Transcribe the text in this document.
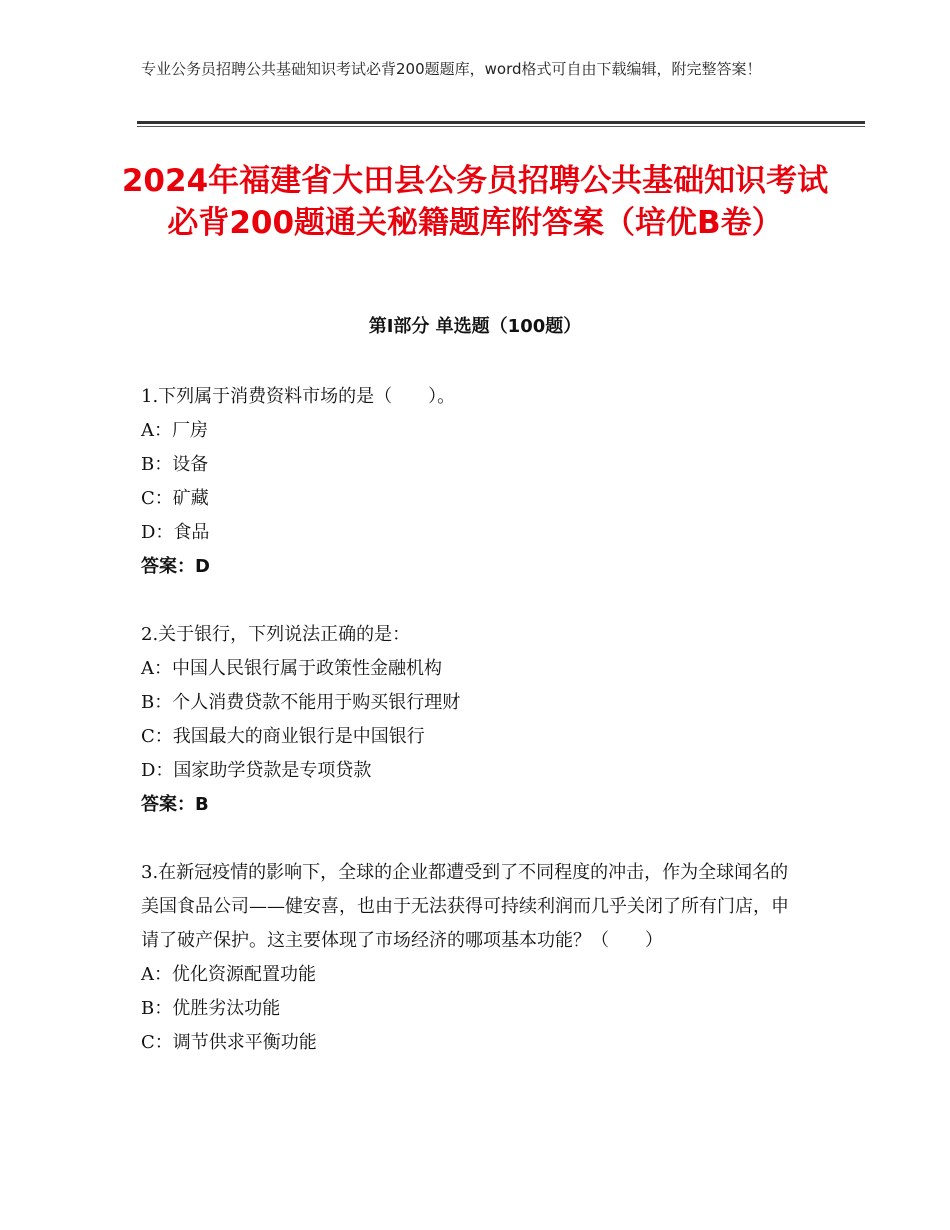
专业公务员招聘公共基础知识考试必背200题题库，word格式可自由下载编辑，附完整答案！
2024年福建省大田县公务员招聘公共基础知识考试必背200题通关秘籍题库附答案（培优B卷）
第Ⅰ部分 单选题（100题）

1.下列属于消费资料市场的是（　　）。

A：厂房

B：设备

C：矿藏

D：食品

答案：D

2.关于银行，下列说法正确的是：

A：中国人民银行属于政策性金融机构

B：个人消费贷款不能用于购买银行理财

C：我国最大的商业银行是中国银行

D：国家助学贷款是专项贷款

答案：B

3.在新冠疫情的影响下，全球的企业都遭受到了不同程度的冲击，作为全球闻名的美国食品公司——健安喜，也由于无法获得可持续利润而几乎关闭了所有门店，申请了破产保护。这主要体现了市场经济的哪项基本功能？（　　）

A：优化资源配置功能

B：优胜劣汰功能

C：调节供求平衡功能
